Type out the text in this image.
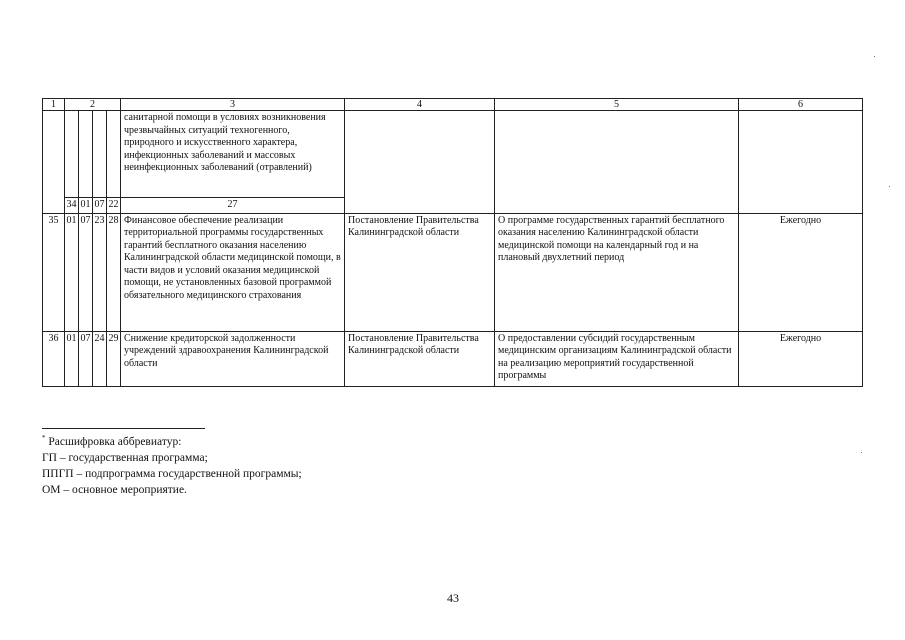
1	2				3	4	5	6
					санитарной помощи в условиях возникновения чрезвычайных ситуаций техногенного, природного и искусственного характера, инфекционных заболеваний и массовых неинфекционных заболеваний (отравлений)			
	34	01	07	22	27			
35	01	07	23	28	Финансовое обеспечение реализации территориальной программы государственных гарантий бесплатного оказания населению Калининградской области медицинской помощи, в части видов и условий оказания медицинской помощи, не установленных базовой программой обязательного медицинского страхования	Постановление Правительства Калининградской области	О программе государственных гарантий бесплатного оказания населению Калининградской области медицинской помощи на календарный год и на плановый двухлетний период	Ежегодно
36	01	07	24	29	Снижение кредиторской задолженности учреждений здравоохранения Калининградской области	Постановление Правительства Калининградской области	О предоставлении субсидий государственным медицинским организациям Калининградской области на реализацию мероприятий государственной программы	Ежегодно
* Расшифровка аббревиатур:
ГП – государственная программа;
ППГП – подпрограмма государственной программы;
ОМ – основное мероприятие.
43
